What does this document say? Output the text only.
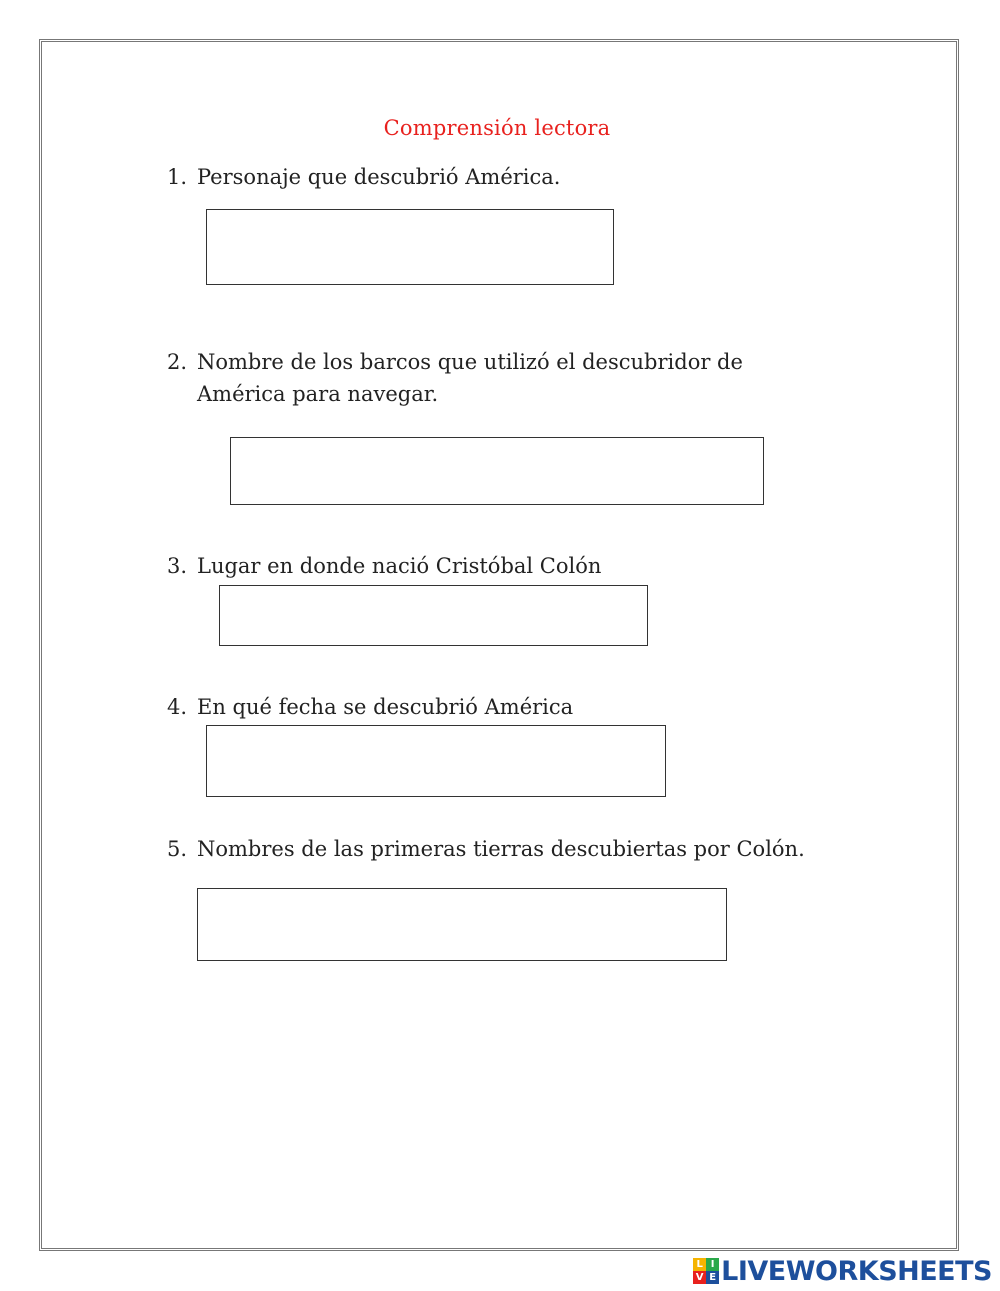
Comprensión lectora
1. Personaje que descubrió América.
2. Nombre de los barcos que utilizó el descubridor de
América para navegar.
3. Lugar en donde nació Cristóbal Colón
4. En qué fecha se descubrió América
5. Nombres de las primeras tierras descubiertas por Colón.
L I
V E LIVEWORKSHEETS
